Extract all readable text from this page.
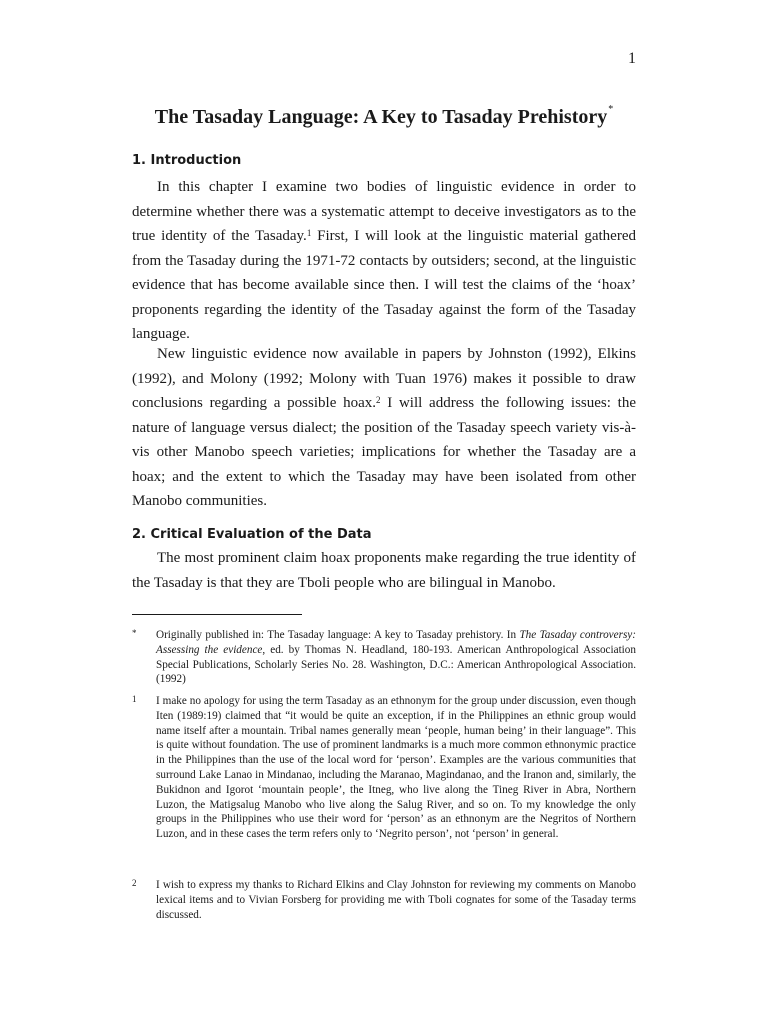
1
The Tasaday Language: A Key to Tasaday Prehistory*
1. Introduction

In this chapter I examine two bodies of linguistic evidence in order to determine whether there was a systematic attempt to deceive investigators as to the true identity of the Tasaday.$^1$ First, I will look at the linguistic material gathered from the Tasaday during the 1971-72 contacts by outsiders; second, at the linguistic evidence that has become available since then. I will test the claims of the ‘hoax’ proponents regarding the identity of the Tasaday against the form of the Tasaday language.

New linguistic evidence now available in papers by Johnston (1992), Elkins (1992), and Molony (1992; Molony with Tuan 1976) makes it possible to draw conclusions regarding a possible hoax.$^2$ I will address the following issues: the nature of language versus dialect; the position of the Tasaday speech variety vis-à-vis other Manobo speech varieties; implications for whether the Tasaday are a hoax; and the extent to which the Tasaday may have been isolated from other Manobo communities.

2. Critical Evaluation of the Data

The most prominent claim hoax proponents make regarding the true identity of the Tasaday is that they are Tboli people who are bilingual in Manobo.

* Originally published in: The Tasaday language: A key to Tasaday prehistory. In The Tasaday controversy: Assessing the evidence, ed. by Thomas N. Headland, 180-193. American Anthropological Association Special Publications, Scholarly Series No. 28. Washington, D.C.: American Anthropological Association. (1992)

1 I make no apology for using the term Tasaday as an ethnonym for the group under discussion, even though Iten (1989:19) claimed that “it would be quite an exception, if in the Philippines an ethnic group would name itself after a mountain. Tribal names generally mean ‘people, human being’ in their language”. This is quite without foundation. The use of prominent landmarks is a much more common ethnonymic practice in the Philippines than the use of the local word for ‘person’. Examples are the various communities that surround Lake Lanao in Mindanao, including the Maranao, Magindanao, and the Iranon and, similarly, the Bukidnon and Igorot ‘mountain people’, the Itneg, who live along the Tineg River in Abra, Northern Luzon, the Matigsalug Manobo who live along the Salug River, and so on. To my knowledge the only groups in the Philippines who use their word for ‘person’ as an ethnonym are the Negritos of Northern Luzon, and in these cases the term refers only to ‘Negrito person’, not ‘person’ in general.

2 I wish to express my thanks to Richard Elkins and Clay Johnston for reviewing my comments on Manobo lexical items and to Vivian Forsberg for providing me with Tboli cognates for some of the Tasaday terms discussed.
